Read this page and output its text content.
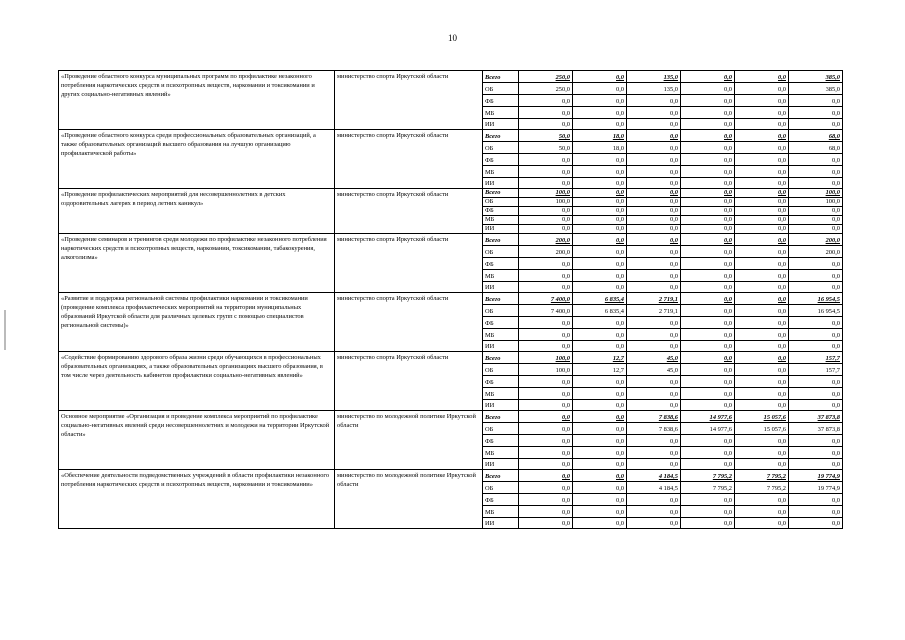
10
«Проведение областного конкурса муниципальных программ по профилактике незаконного потребления наркотических средств и психотропных веществ, наркомании и токсикомании и других социально-негативных явлений»	министерство спорта Иркутской области	Всего	250,0	0,0	135,0	0,0	0,0	385,0
		ОБ	250,0	0,0	135,0	0,0	0,0	385,0
		ФБ	0,0	0,0	0,0	0,0	0,0	0,0
		МБ	0,0	0,0	0,0	0,0	0,0	0,0
		ИИ	0,0	0,0	0,0	0,0	0,0	0,0
«Проведение областного конкурса среди профессиональных образовательных организаций, а также образовательных организаций высшего образования на лучшую организацию профилактической работы»	министерство спорта Иркутской области	Всего	50,0	18,0	0,0	0,0	0,0	68,0
		ОБ	50,0	18,0	0,0	0,0	0,0	68,0
		ФБ	0,0	0,0	0,0	0,0	0,0	0,0
		МБ	0,0	0,0	0,0	0,0	0,0	0,0
		ИИ	0,0	0,0	0,0	0,0	0,0	0,0
«Проведение профилактических мероприятий для несовершеннолетних в детских оздоровительных лагерях в период летних каникул»	министерство спорта Иркутской области	Всего	100,0	0,0	0,0	0,0	0,0	100,0
		ОБ	100,0	0,0	0,0	0,0	0,0	100,0
		ФБ	0,0	0,0	0,0	0,0	0,0	0,0
		МБ	0,0	0,0	0,0	0,0	0,0	0,0
		ИИ	0,0	0,0	0,0	0,0	0,0	0,0
«Проведение семинаров и тренингов среди молодежи по профилактике незаконного потребления наркотических средств и психотропных веществ, наркомании, токсикомании, табакокурения, алкоголизма»	министерство спорта Иркутской области	Всего	200,0	0,0	0,0	0,0	0,0	200,0
		ОБ	200,0	0,0	0,0	0,0	0,0	200,0
		ФБ	0,0	0,0	0,0	0,0	0,0	0,0
		МБ	0,0	0,0	0,0	0,0	0,0	0,0
		ИИ	0,0	0,0	0,0	0,0	0,0	0,0
«Развитие и поддержка региональной системы профилактики наркомании и токсикомании (проведение комплекса профилактических мероприятий на территории муниципальных образований Иркутской области для различных целевых групп с помощью специалистов региональной системы)»	министерство спорта Иркутской области	Всего	7 400,0	6 835,4	2 719,1	0,0	0,0	16 954,5
		ОБ	7 400,0	6 835,4	2 719,1	0,0	0,0	16 954,5
		ФБ	0,0	0,0	0,0	0,0	0,0	0,0
		МБ	0,0	0,0	0,0	0,0	0,0	0,0
		ИИ	0,0	0,0	0,0	0,0	0,0	0,0
«Содействие формированию здорового образа жизни среди обучающихся в профессиональных образовательных организациях, а также образовательных организациях высшего образования, в том числе через деятельность кабинетов профилактики социально-негативных явлений»	министерство спорта Иркутской области	Всего	100,0	12,7	45,0	0,0	0,0	157,7
		ОБ	100,0	12,7	45,0	0,0	0,0	157,7
		ФБ	0,0	0,0	0,0	0,0	0,0	0,0
		МБ	0,0	0,0	0,0	0,0	0,0	0,0
		ИИ	0,0	0,0	0,0	0,0	0,0	0,0
Основное мероприятие «Организация и проведение комплекса мероприятий по профилактике социально-негативных явлений среди несовершеннолетних и молодежи на территории Иркутской области»	министерство по молодежной политике Иркутской области	Всего	0,0	0,0	7 838,6	14 977,6	15 057,6	37 873,8
		ОБ	0,0	0,0	7 838,6	14 977,6	15 057,6	37 873,8
		ФБ	0,0	0,0	0,0	0,0	0,0	0,0
		МБ	0,0	0,0	0,0	0,0	0,0	0,0
		ИИ	0,0	0,0	0,0	0,0	0,0	0,0
«Обеспечение деятельности подведомственных учреждений в области профилактики незаконного потребления наркотических средств и психотропных веществ, наркомании и токсикомании»	министерство по молодежной политике Иркутской области	Всего	0,0	0,0	4 184,5	7 795,2	7 795,2	19 774,9
		ОБ	0,0	0,0	4 184,5	7 795,2	7 795,2	19 774,9
		ФБ	0,0	0,0	0,0	0,0	0,0	0,0
		МБ	0,0	0,0	0,0	0,0	0,0	0,0
		ИИ	0,0	0,0	0,0	0,0	0,0	0,0
